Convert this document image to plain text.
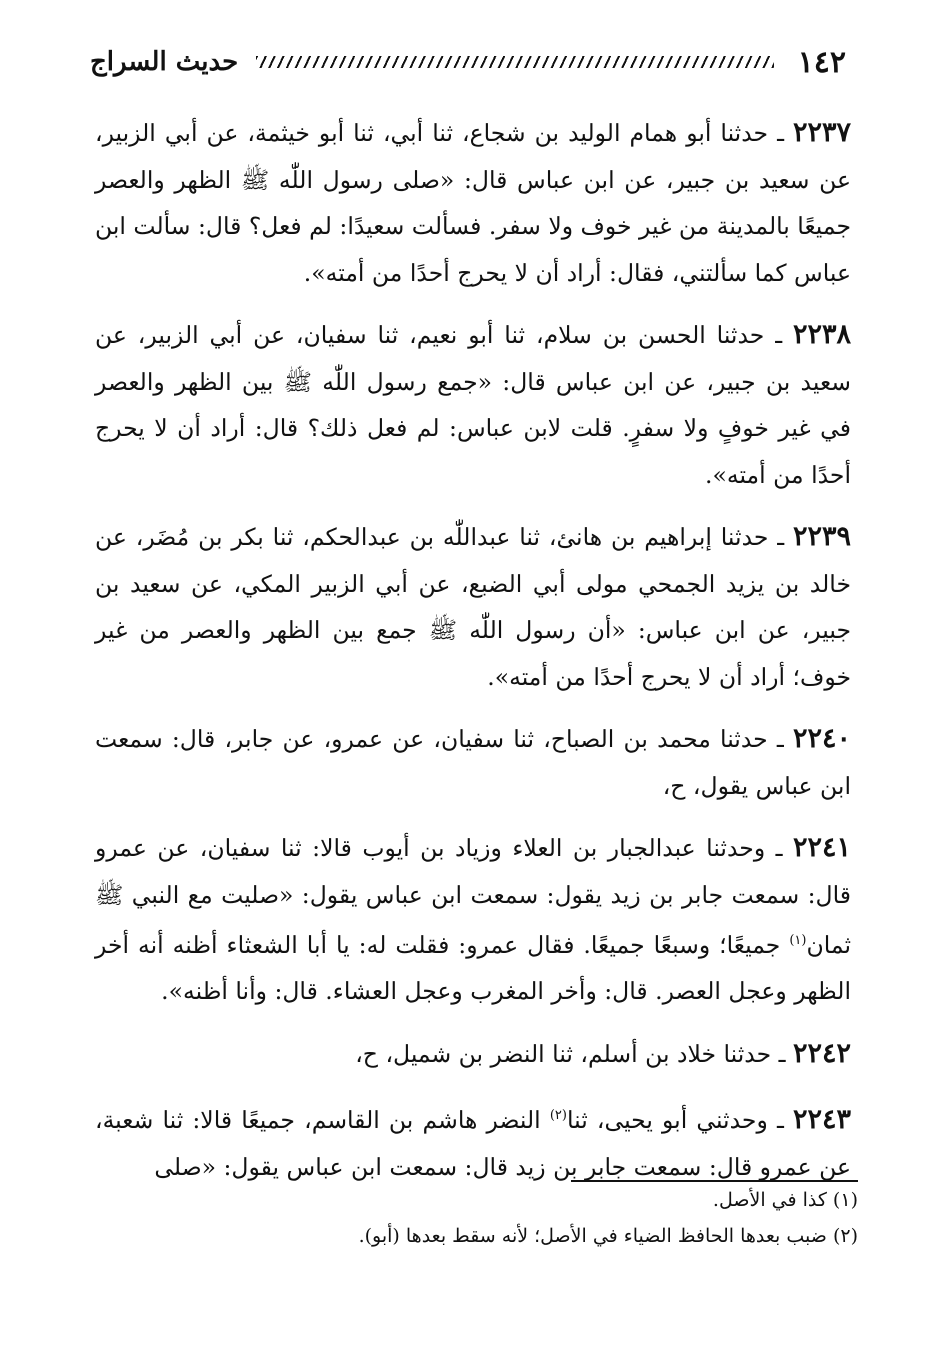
١٤٢
حديث السراج

٢٢٣٧ ـ حدثنا أبو همام الوليد بن شجاع، ثنا أبي، ثنا أبو خيثمة، عن أبي الزبير، عن سعيد بن جبير، عن ابن عباس قال: «صلى رسول اللّٰه ﷺ الظهر والعصر جميعًا بالمدينة من غير خوف ولا سفر. فسألت سعيدًا: لم فعل؟ قال: سألت ابن عباس كما سألتني، فقال: أراد أن لا يحرج أحدًا من أمته».

٢٢٣٨ ـ حدثنا الحسن بن سلام، ثنا أبو نعيم، ثنا سفيان، عن أبي الزبير، عن سعيد بن جبير، عن ابن عباس قال: «جمع رسول اللّٰه ﷺ بين الظهر والعصر في غير خوفٍ ولا سفرٍ. قلت لابن عباس: لم فعل ذلك؟ قال: أراد أن لا يحرج أحدًا من أمته».

٢٢٣٩ ـ حدثنا إبراهيم بن هانئ، ثنا عبداللّٰه بن عبدالحكم، ثنا بكر بن مُضَر، عن خالد بن يزيد الجمحي مولى أبي الضبع، عن أبي الزبير المكي، عن سعيد بن جبير، عن ابن عباس: «أن رسول اللّٰه ﷺ جمع بين الظهر والعصر من غير خوف؛ أراد أن لا يحرج أحدًا من أمته».

٢٢٤٠ ـ حدثنا محمد بن الصباح، ثنا سفيان، عن عمرو، عن جابر، قال: سمعت ابن عباس يقول، ح،

٢٢٤١ ـ وحدثنا عبدالجبار بن العلاء وزياد بن أيوب قالا: ثنا سفيان، عن عمرو قال: سمعت جابر بن زيد يقول: سمعت ابن عباس يقول: «صليت مع النبي ﷺ ثمان$^{(١)}$ جميعًا؛ وسبعًا جميعًا. فقال عمرو: فقلت له: يا أبا الشعثاء أظنه أنه أخر الظهر وعجل العصر. قال: وأخر المغرب وعجل العشاء. قال: وأنا أظنه».

٢٢٤٢ ـ حدثنا خلاد بن أسلم، ثنا النضر بن شميل، ح،

٢٢٤٣ ـ وحدثني أبو يحيى، ثنا$^{(٢)}$ النضر هاشم بن القاسم، جميعًا قالا: ثنا شعبة، عن عمرو قال: سمعت جابر بن زيد قال: سمعت ابن عباس يقول: «صلى

(١) كذا في الأصل.

(٢) ضبب بعدها الحافظ الضياء في الأصل؛ لأنه سقط بعدها (أبو).
